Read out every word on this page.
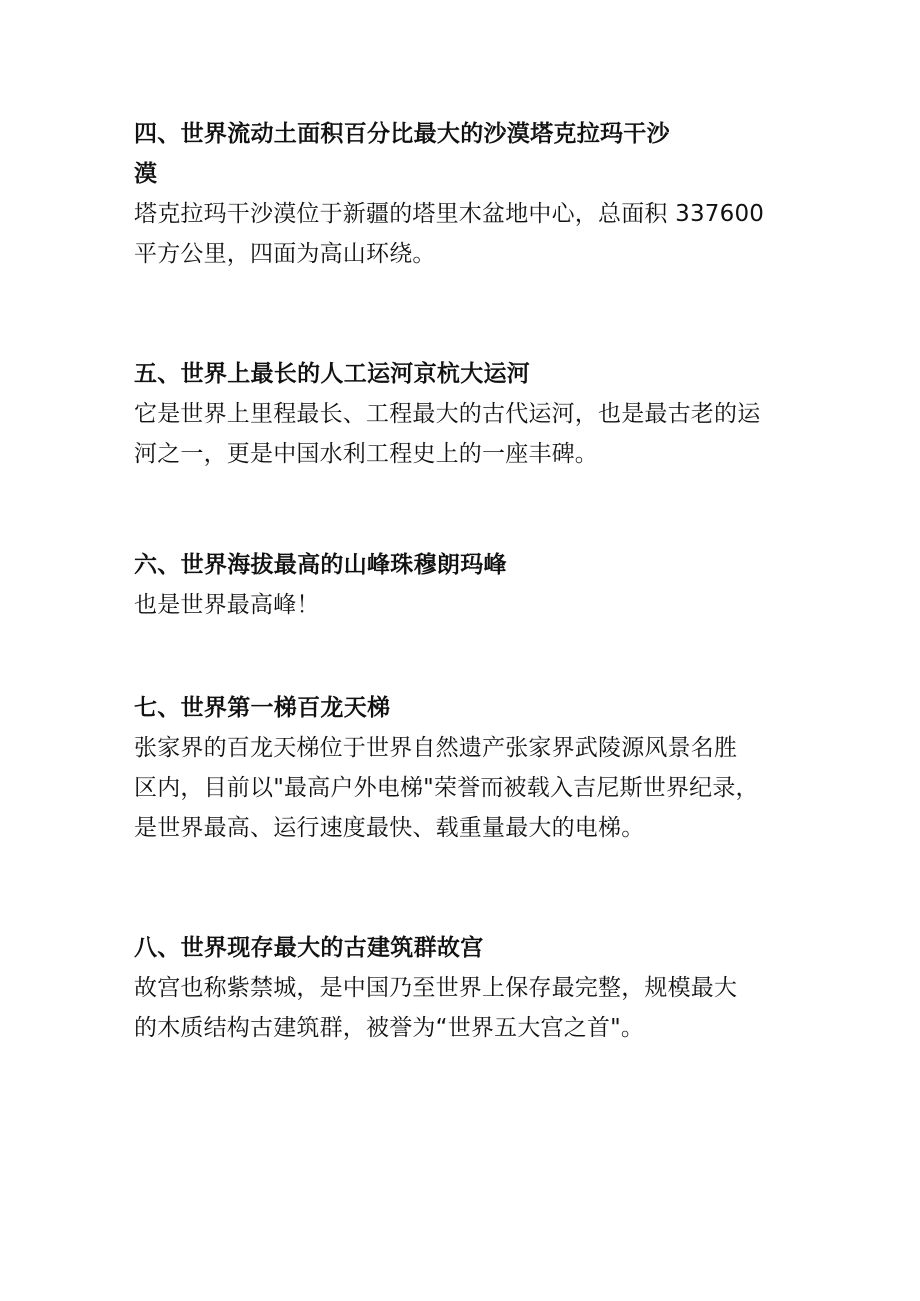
四、世界流动土面积百分比最大的沙漠塔克拉玛干沙
漠

塔克拉玛干沙漠位于新疆的塔里木盆地中心，总面积 337600
平方公里，四面为高山环绕。

五、世界上最长的人工运河京杭大运河

它是世界上里程最长、工程最大的古代运河，也是最古老的运
河之一，更是中国水利工程史上的一座丰碑。

六、世界海拔最高的山峰珠穆朗玛峰

也是世界最高峰！

七、世界第一梯百龙天梯

张家界的百龙天梯位于世界自然遗产张家界武陵源风景名胜
区内，目前以"最高户外电梯"荣誉而被载入吉尼斯世界纪录，
是世界最高、运行速度最快、载重量最大的电梯。

八、世界现存最大的古建筑群故宫

故宫也称紫禁城，是中国乃至世界上保存最完整，规模最大
的木质结构古建筑群，被誉为“世界五大宫之首"。
